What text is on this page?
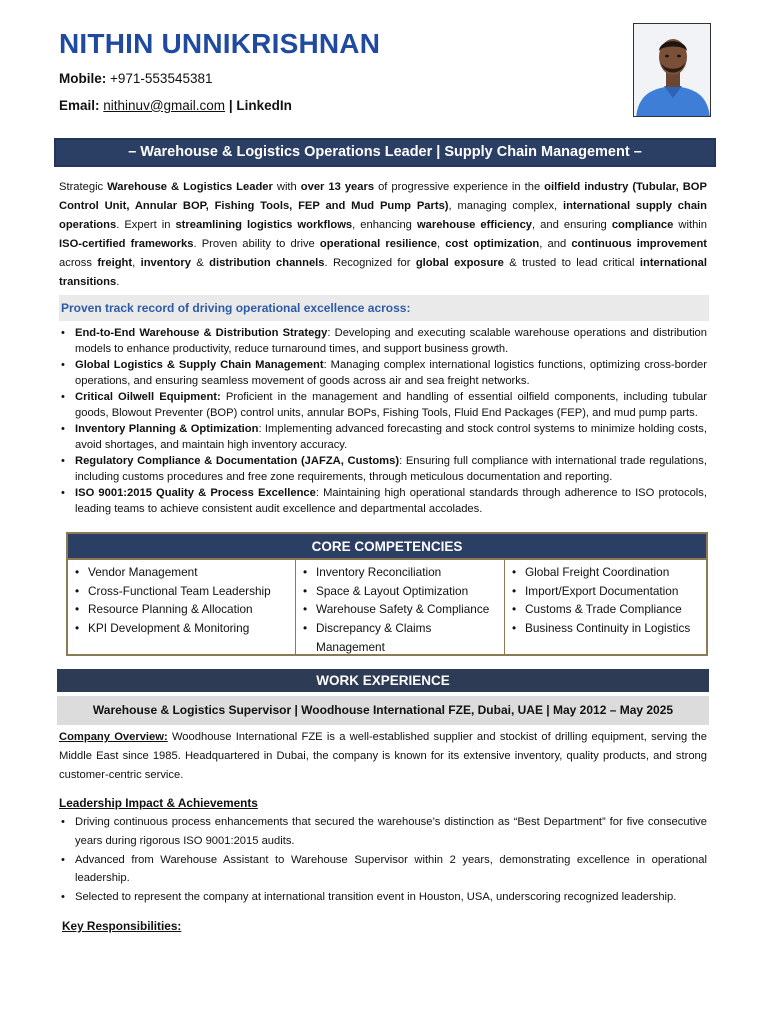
NITHIN UNNIKRISHNAN
Mobile: +971-553545381
Email: nithinuv@gmail.com | LinkedIn
– Warehouse & Logistics Operations Leader | Supply Chain Management –

Strategic Warehouse & Logistics Leader with over 13 years of progressive experience in the oilfield industry (Tubular, BOP Control Unit, Annular BOP, Fishing Tools, FEP and Mud Pump Parts), managing complex, international supply chain operations. Expert in streamlining logistics workflows, enhancing warehouse efficiency, and ensuring compliance within ISO-certified frameworks. Proven ability to drive operational resilience, cost optimization, and continuous improvement across freight, inventory & distribution channels. Recognized for global exposure & trusted to lead critical international transitions.

Proven track record of driving operational excellence across:
• End-to-End Warehouse & Distribution Strategy: Developing and executing scalable warehouse operations and distribution models to enhance productivity, reduce turnaround times, and support business growth.
• Global Logistics & Supply Chain Management: Managing complex international logistics functions, optimizing cross-border operations, and ensuring seamless movement of goods across air and sea freight networks.
• Critical Oilwell Equipment: Proficient in the management and handling of essential oilfield components, including tubular goods, Blowout Preventer (BOP) control units, annular BOPs, Fishing Tools, Fluid End Packages (FEP), and mud pump parts.
• Inventory Planning & Optimization: Implementing advanced forecasting and stock control systems to minimize holding costs, avoid shortages, and maintain high inventory accuracy.
• Regulatory Compliance & Documentation (JAFZA, Customs): Ensuring full compliance with international trade regulations, including customs procedures and free zone requirements, through meticulous documentation and reporting.
• ISO 9001:2015 Quality & Process Excellence: Maintaining high operational standards through adherence to ISO protocols, leading teams to achieve consistent audit excellence and departmental accolades.
CORE COMPETENCIES
• Vendor Management
• Cross-Functional Team Leadership
• Resource Planning & Allocation
• KPI Development & Monitoring
• Inventory Reconciliation
• Space & Layout Optimization
• Warehouse Safety & Compliance
• Discrepancy & Claims Management
• Global Freight Coordination
• Import/Export Documentation
• Customs & Trade Compliance
• Business Continuity in Logistics
WORK EXPERIENCE
Warehouse & Logistics Supervisor | Woodhouse International FZE, Dubai, UAE | May 2012 – May 2025

Company Overview: Woodhouse International FZE is a well-established supplier and stockist of drilling equipment, serving the Middle East since 1985. Headquartered in Dubai, the company is known for its extensive inventory, quality products, and strong customer-centric service.

Leadership Impact & Achievements
• Driving continuous process enhancements that secured the warehouse’s distinction as “Best Department” for five consecutive years during rigorous ISO 9001:2015 audits.
• Advanced from Warehouse Assistant to Warehouse Supervisor within 2 years, demonstrating excellence in operational leadership.
• Selected to represent the company at international transition event in Houston, USA, underscoring recognized leadership.
Key Responsibilities:
